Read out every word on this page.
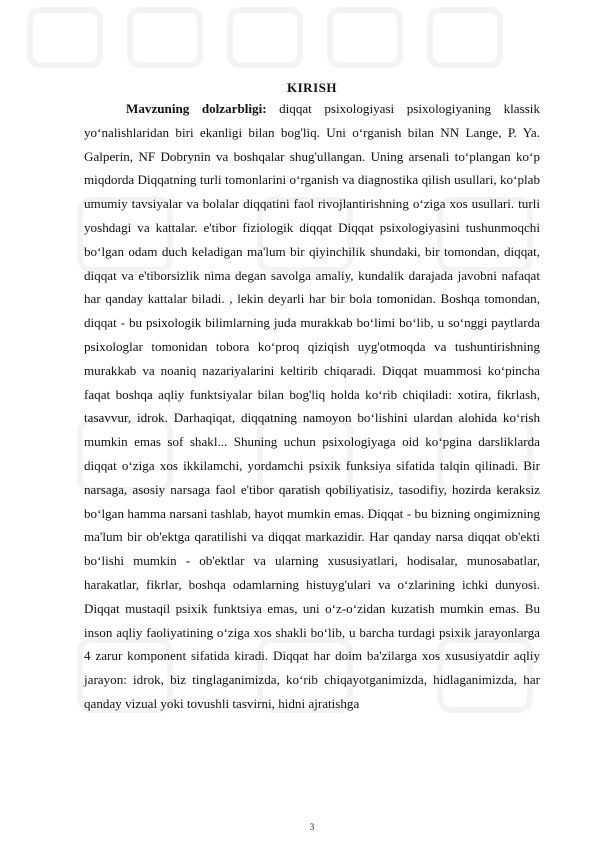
KIRISH

Mavzuning dolzarbligi: diqqat psixologiyasi psixologiyaning klassik yo‘nalishlaridan biri ekanligi bilan bog'liq. Uni o‘rganish bilan NN Lange, P. Ya. Galperin, NF Dobrynin va boshqalar shug'ullangan. Uning arsenali to‘plangan ko‘p miqdorda Diqqatning turli tomonlarini o‘rganish va diagnostika qilish usullari, ko‘plab umumiy tavsiyalar va bolalar diqqatini faol rivojlantirishning o‘ziga xos usullari. turli yoshdagi va kattalar. e'tibor fiziologik diqqat Diqqat psixologiyasini tushunmoqchi bo‘lgan odam duch keladigan ma'lum bir qiyinchilik shundaki, bir tomondan, diqqat, diqqat va e'tiborsizlik nima degan savolga amaliy, kundalik darajada javobni nafaqat har qanday kattalar biladi. , lekin deyarli har bir bola tomonidan. Boshqa tomondan, diqqat - bu psixologik bilimlarning juda murakkab bo‘limi bo‘lib, u so‘nggi paytlarda psixologlar tomonidan tobora ko‘proq qiziqish uyg'otmoqda va tushuntirishning murakkab va noaniq nazariyalarini keltirib chiqaradi. Diqqat muammosi ko‘pincha faqat boshqa aqliy funktsiyalar bilan bog'liq holda ko‘rib chiqiladi: xotira, fikrlash, tasavvur, idrok. Darhaqiqat, diqqatning namoyon bo‘lishini ulardan alohida ko‘rish mumkin emas sof shakl... Shuning uchun psixologiyaga oid ko‘pgina darsliklarda diqqat o‘ziga xos ikkilamchi, yordamchi psixik funksiya sifatida talqin qilinadi. Bir narsaga, asosiy narsaga faol e'tibor qaratish qobiliyatisiz, tasodifiy, hozirda keraksiz bo‘lgan hamma narsani tashlab, hayot mumkin emas. Diqqat - bu bizning ongimizning ma'lum bir ob'ektga qaratilishi va diqqat markazidir. Har qanday narsa diqqat ob'ekti bo‘lishi mumkin - ob'ektlar va ularning xususiyatlari, hodisalar, munosabatlar, harakatlar, fikrlar, boshqa odamlarning histuyg'ulari va o‘zlarining ichki dunyosi. Diqqat mustaqil psixik funktsiya emas, uni o‘z-o‘zidan kuzatish mumkin emas. Bu inson aqliy faoliyatining o‘ziga xos shakli bo‘lib, u barcha turdagi psixik jarayonlarga 4 zarur komponent sifatida kiradi. Diqqat har doim ba'zilarga xos xususiyatdir aqliy jarayon: idrok, biz tinglaganimizda, ko‘rib chiqayotganimizda, hidlaganimizda, har qanday vizual yoki tovushli tasvirni, hidni ajratishga

3
